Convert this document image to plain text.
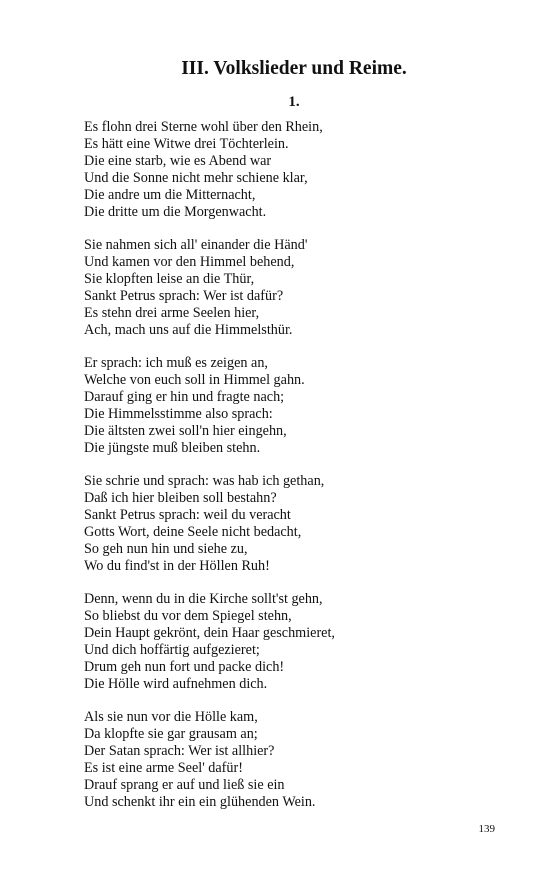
III. Volkslieder und Reime.
1.
Es flohn drei Sterne wohl über den Rhein,
Es hätt eine Witwe drei Töchterlein.
Die eine starb, wie es Abend war
Und die Sonne nicht mehr schiene klar,
Die andre um die Mitternacht,
Die dritte um die Morgenwacht.
Sie nahmen sich all' einander die Händ'
Und kamen vor den Himmel behend,
Sie klopften leise an die Thür,
Sankt Petrus sprach: Wer ist dafür?
Es stehn drei arme Seelen hier,
Ach, mach uns auf die Himmelsthür.
Er sprach: ich muß es zeigen an,
Welche von euch soll in Himmel gahn.
Darauf ging er hin und fragte nach;
Die Himmelsstimme also sprach:
Die ältsten zwei soll'n hier eingehn,
Die jüngste muß bleiben stehn.
Sie schrie und sprach: was hab ich gethan,
Daß ich hier bleiben soll bestahn?
Sankt Petrus sprach: weil du veracht
Gotts Wort, deine Seele nicht bedacht,
So geh nun hin und siehe zu,
Wo du find'st in der Höllen Ruh!
Denn, wenn du in die Kirche sollt'st gehn,
So bliebst du vor dem Spiegel stehn,
Dein Haupt gekrönt, dein Haar geschmieret,
Und dich hoffärtig aufgezieret;
Drum geh nun fort und packe dich!
Die Hölle wird aufnehmen dich.
Als sie nun vor die Hölle kam,
Da klopfte sie gar grausam an;
Der Satan sprach: Wer ist allhier?
Es ist eine arme Seel' dafür!
Drauf sprang er auf und ließ sie ein
Und schenkt ihr ein ein glühenden Wein.
139
